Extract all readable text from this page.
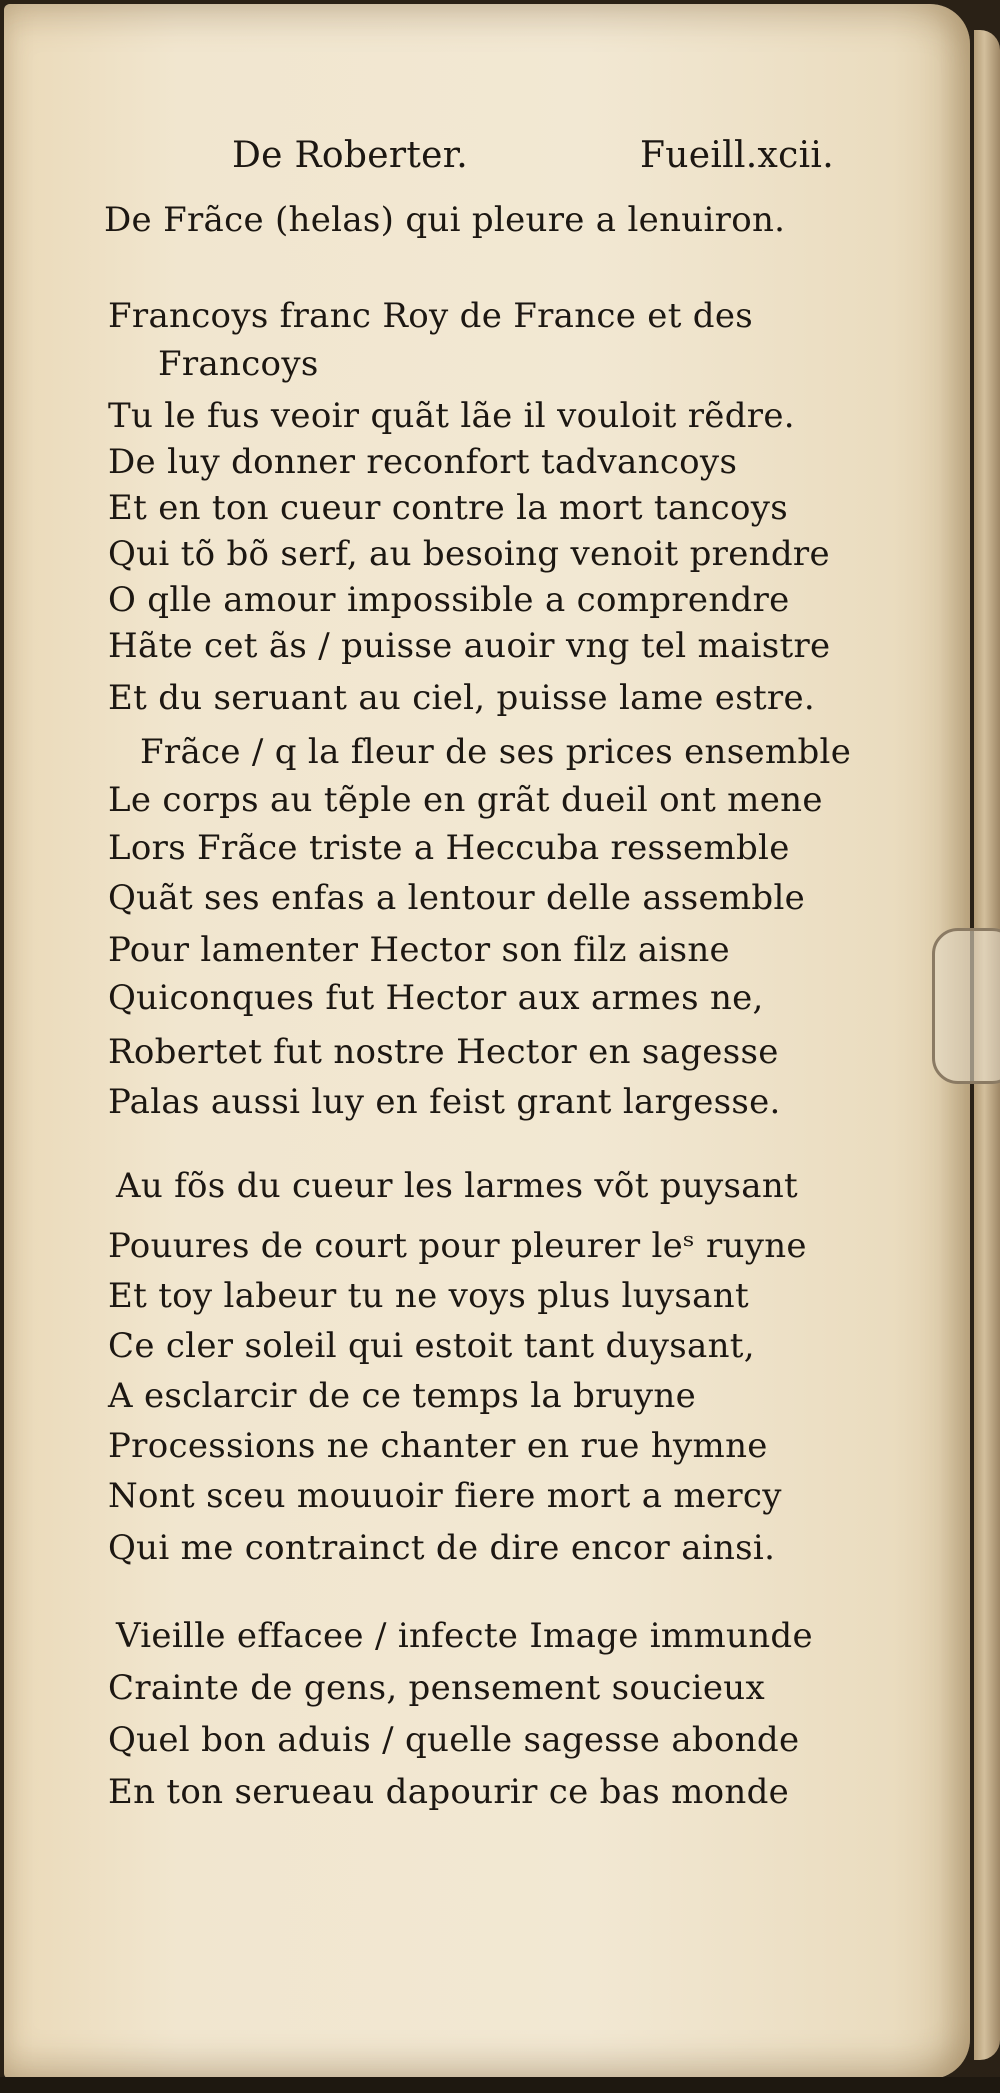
De Roberter.	Fueill.xcii.
De Frãce (helas) qui pleure a lenuiron.
Francoys franc Roy de France et des
Francoys
Tu le fus veoir quãt lãe il vouloit rẽdre.
De luy donner reconfort tadvancoys
Et en ton cueur contre la mort tancoys
Qui tõ bõ serf, au besoing venoit prendre
O qlle amour impossible a comprendre
Hãte cet ãs / puisse auoir vng tel maistre
Et du seruant au ciel, puisse lame estre.
Frãce / q la fleur de ses prices ensemble
Le corps au tẽple en grãt dueil ont mene
Lors Frãce triste a Heccuba ressemble
Quãt ses enfas a lentour delle assemble
Pour lamenter Hector son filz aisne
Quiconques fut Hector aux armes ne,
Robertet fut nostre Hector en sagesse
Palas aussi luy en feist grant largesse.
Au fõs du cueur les larmes võt puysant
Pouures de court pour pleurer leˢ ruyne
Et toy labeur tu ne voys plus luysant
Ce cler soleil qui estoit tant duysant,
A esclarcir de ce temps la bruyne
Processions ne chanter en rue hymne
Nont sceu mouuoir fiere mort a mercy
Qui me contrainct de dire encor ainsi.
Vieille effacee / infecte Image immunde
Crainte de gens, pensement soucieux
Quel bon aduis / quelle sagesse abonde
En ton serueau dapourir ce bas monde
